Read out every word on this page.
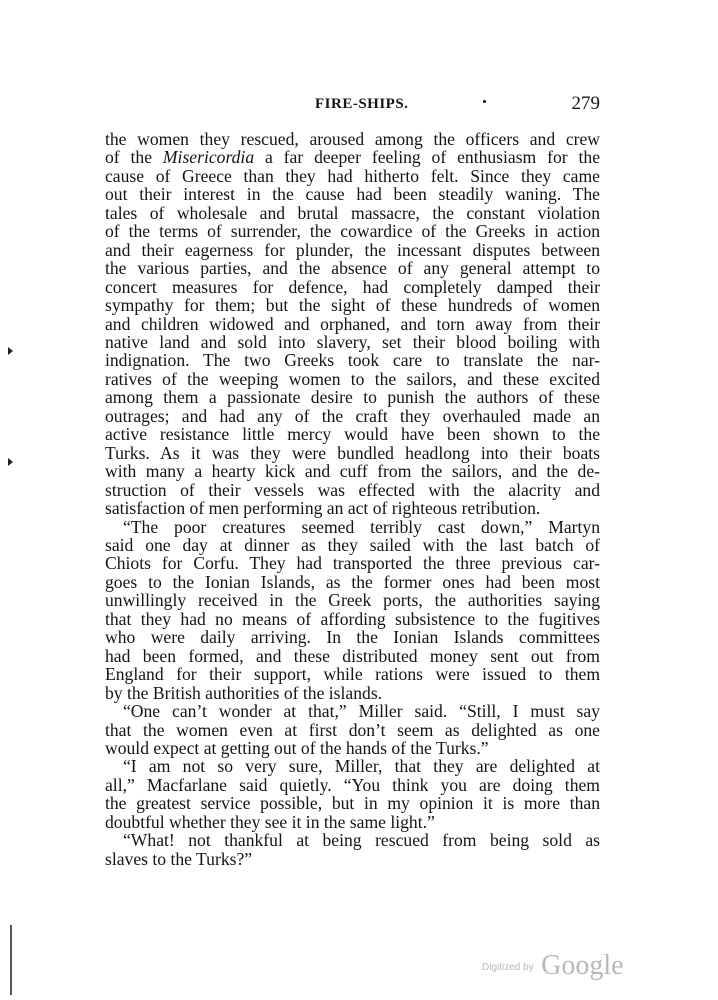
FIRE-SHIPS.	279
the women they rescued, aroused among the officers and crew
of the Misericordia a far deeper feeling of enthusiasm for the
cause of Greece than they had hitherto felt. Since they came
out their interest in the cause had been steadily waning. The
tales of wholesale and brutal massacre, the constant violation
of the terms of surrender, the cowardice of the Greeks in action
and their eagerness for plunder, the incessant disputes between
the various parties, and the absence of any general attempt to
concert measures for defence, had completely damped their
sympathy for them; but the sight of these hundreds of women
and children widowed and orphaned, and torn away from their
native land and sold into slavery, set their blood boiling with
indignation. The two Greeks took care to translate the nar-
ratives of the weeping women to the sailors, and these excited
among them a passionate desire to punish the authors of these
outrages; and had any of the craft they overhauled made an
active resistance little mercy would have been shown to the
Turks. As it was they were bundled headlong into their boats
with many a hearty kick and cuff from the sailors, and the de-
struction of their vessels was effected with the alacrity and
satisfaction of men performing an act of righteous retribution.
“The poor creatures seemed terribly cast down,” Martyn
said one day at dinner as they sailed with the last batch of
Chiots for Corfu. They had transported the three previous car-
goes to the Ionian Islands, as the former ones had been most
unwillingly received in the Greek ports, the authorities saying
that they had no means of affording subsistence to the fugitives
who were daily arriving. In the Ionian Islands committees
had been formed, and these distributed money sent out from
England for their support, while rations were issued to them
by the British authorities of the islands.
“One can’t wonder at that,” Miller said. “Still, I must say
that the women even at first don’t seem as delighted as one
would expect at getting out of the hands of the Turks.”
“I am not so very sure, Miller, that they are delighted at
all,” Macfarlane said quietly. “You think you are doing them
the greatest service possible, but in my opinion it is more than
doubtful whether they see it in the same light.”
“What! not thankful at being rescued from being sold as
slaves to the Turks?”
$^{Digitized by}$ Google
